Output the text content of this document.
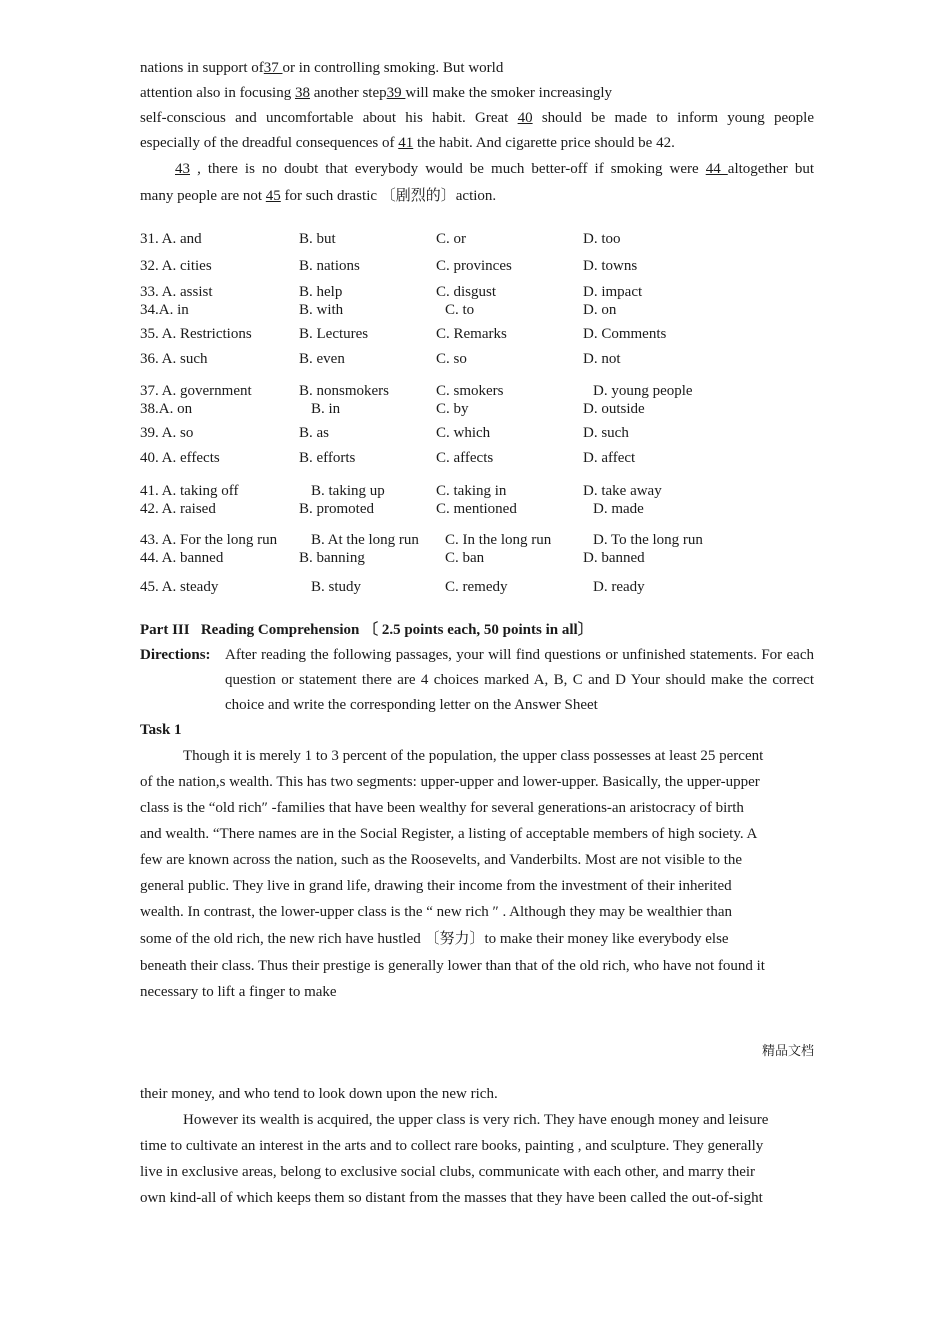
nations in support of37 or in controlling smoking. But world
attention also in focusing 38 another step39 will make the smoker increasingly
self-conscious and uncomfortable about his habit. Great 40 should be made to inform young people
especially of the dreadful consequences of 41 the habit. And cigarette price should be 42.
43 , there is no doubt that everybody would be much better-off if smoking were 44 altogether but
many people are not 45 for such drastic 〔剧烈的〕action.
31. A. and	B. but	C. or	D. too
32. A. cities	B. nations	C. provinces	D. towns
33. A. assist	B. help	C. disgust	D. impact
34.A. in	B. with	C. to	D. on
35. A. Restrictions	B. Lectures	C. Remarks	D. Comments
36. A. such	B. even	C. so	D. not
37. A. government	B. nonsmokers	C. smokers	D. young people
38.A. on	B. in	C. by	D. outside
39. A. so	B. as	C. which	D. such
40. A. effects	B. efforts	C. affects	D. affect
41. A. taking off	B. taking up	C. taking in	D. take away
42. A. raised	B. promoted	C. mentioned	D. made
43. A. For the long run B. At the long run C. In the long run	D. To the long run
44. A. banned	B. banning	C. ban	D. banned
45. A. steady	B. study	C. remedy	D. ready
Part III   Reading Comprehension 〔 2.5 points each, 50 points in all〕
Directions: After reading the following passages, your will find questions or unfinished statements. For each question or statement there are 4 choices marked A, B, C and D Your should make the correct choice and write the corresponding letter on the Answer Sheet
Task 1
Though it is merely 1 to 3 percent of the population, the upper class possesses at least 25 percent
of the nation,s wealth. This has two segments: upper-upper and lower-upper. Basically, the upper-upper
class is the “old rich″ -families that have been wealthy for several generations-an aristocracy of birth
and wealth. “There names are in the Social Register, a listing of acceptable members of high society. A
few are known across the nation, such as the Roosevelts, and Vanderbilts. Most are not visible to the
general public. They live in grand life, drawing their income from the investment of their inherited
wealth. In contrast, the lower-upper class is the “ new rich ″ . Although they may be wealthier than
some of the old rich, the new rich have hustled 〔努力〕to make their money like everybody else
beneath their class. Thus their prestige is generally lower than that of the old rich, who have not found it
necessary to lift a finger to make
精品文档
their money, and who tend to look down upon the new rich.
However its wealth is acquired, the upper class is very rich. They have enough money and leisure
time to cultivate an interest in the arts and to collect rare books, painting , and sculpture. They generally
live in exclusive areas, belong to exclusive social clubs, communicate with each other, and marry their
own kind-all of which keeps them so distant from the masses that they have been called the out-of-sight
